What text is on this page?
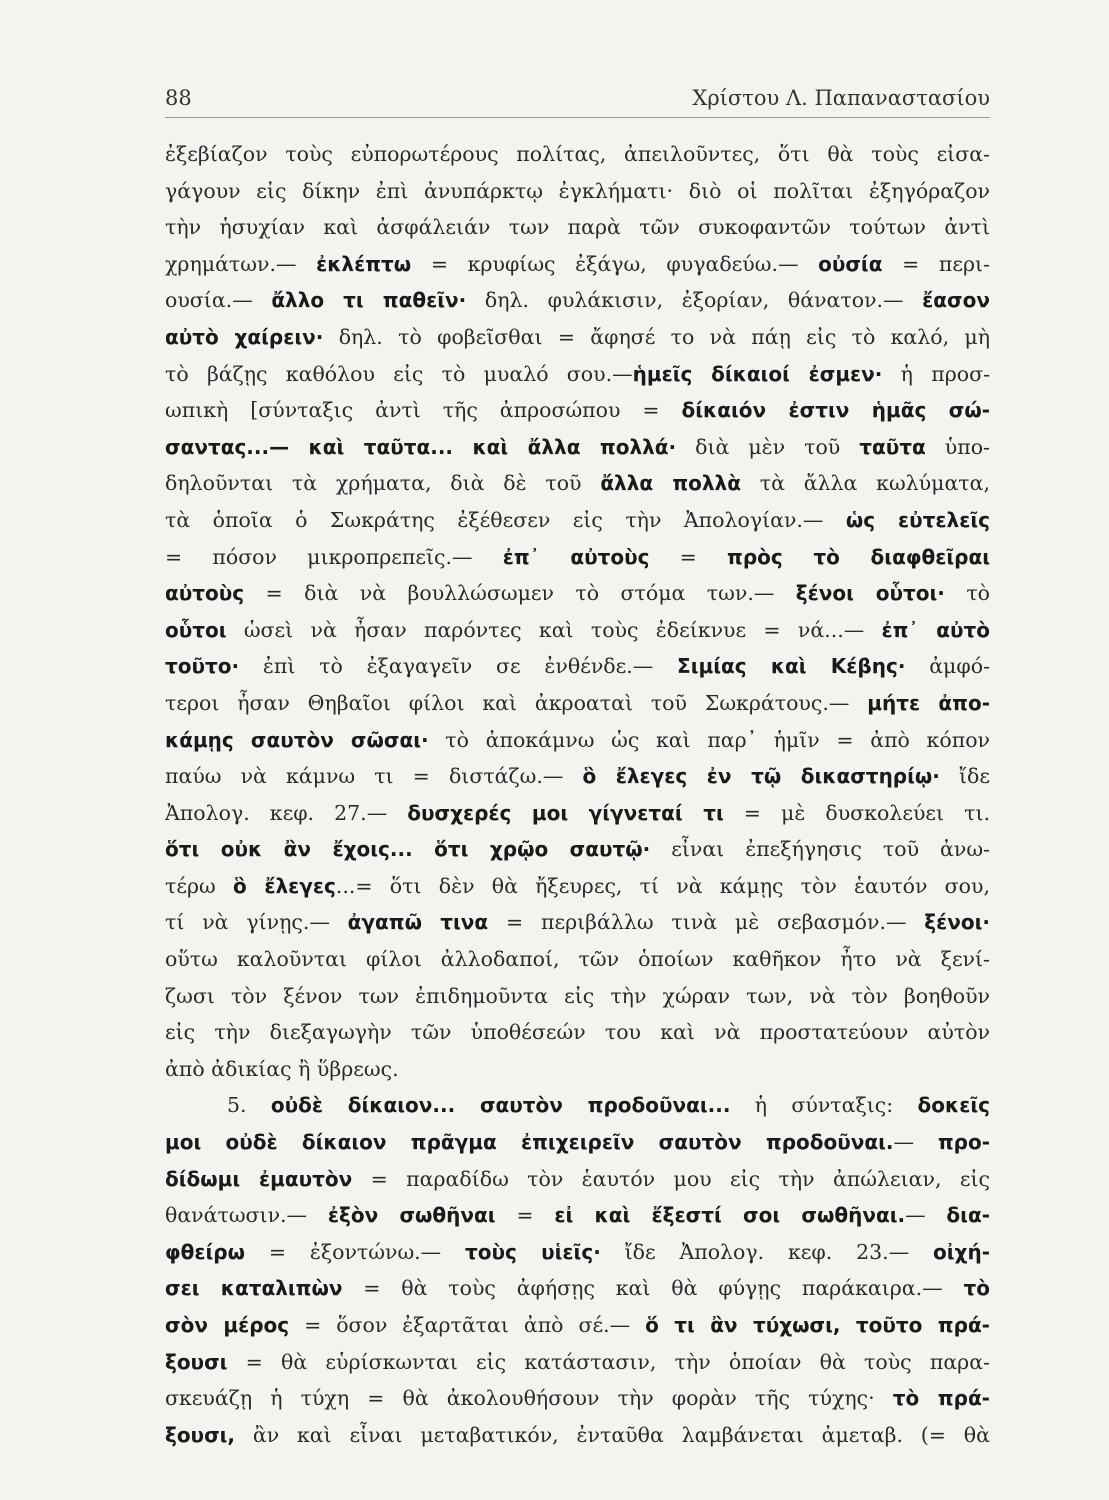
88	Χρίστου Λ. Παπαναστασίου
ἐξεβίαζον τοὺς εὐπορωτέρους πολίτας, ἀπειλοῦντες, ὅτι θὰ τοὺς εἰσα-
γάγουν εἰς δίκην ἐπὶ ἀνυπάρκτῳ ἐγκλήματι· διὸ οἱ πολῖται ἐξηγόραζον
τὴν ἡσυχίαν καὶ ἀσφάλειάν των παρὰ τῶν συκοφαντῶν τούτων ἀντὶ
χρημάτων.— ἐκλέπτω = κρυφίως ἐξάγω, φυγαδεύω.— οὐσία = περι-
ουσία.— ἄλλο τι παθεῖν· δηλ. φυλάκισιν, ἐξορίαν, θάνατον.— ἔασον
αὐτὸ χαίρειν· δηλ. τὸ φοβεῖσθαι = ἄφησέ το νὰ πάῃ εἰς τὸ καλό, μὴ
τὸ βάζῃς καθόλου εἰς τὸ μυαλό σου.—ἡμεῖς δίκαιοί ἐσμεν· ἡ προσ-
ωπικὴ [σύνταξις ἀντὶ τῆς ἀπροσώπου = δίκαιόν ἐστιν ἡμᾶς σώ-
σαντας...— καὶ ταῦτα... καὶ ἄλλα πολλά· διὰ μὲν τοῦ ταῦτα ὑπο-
δηλοῦνται τὰ χρήματα, διὰ δὲ τοῦ ἄλλα πολλὰ τὰ ἄλλα κωλύματα,
τὰ ὁποῖα ὁ Σωκράτης ἐξέθεσεν εἰς τὴν Ἀπολογίαν.— ὡς εὐτελεῖς
= πόσον μικροπρεπεῖς.— ἐπ᾽ αὐτοὺς = πρὸς τὸ διαφθεῖραι
αὐτοὺς = διὰ νὰ βουλλώσωμεν τὸ στόμα των.— ξένοι οὗτοι· τὸ
οὗτοι ὡσεὶ νὰ ἦσαν παρόντες καὶ τοὺς ἐδείκνυε = νά...— ἐπ᾽ αὐτὸ
τοῦτο· ἐπὶ τὸ ἐξαγαγεῖν σε ἐνθένδε.— Σιμίας καὶ Κέβης· ἀμφό-
τεροι ἦσαν Θηβαῖοι φίλοι καὶ ἀκροαταὶ τοῦ Σωκράτους.— μήτε ἀπο-
κάμῃς σαυτὸν σῶσαι· τὸ ἀποκάμνω ὡς καὶ παρ᾽ ἡμῖν = ἀπὸ κόπον
παύω νὰ κάμνω τι = διστάζω.— ὃ ἔλεγες ἐν τῷ δικαστηρίῳ· ἴδε
Ἀπολογ. κεφ. 27.— δυσχερές μοι γίγνεταί τι = μὲ δυσκολεύει τι.
ὅτι οὐκ ἂν ἔχοις... ὅτι χρῷο σαυτῷ· εἶναι ἐπεξήγησις τοῦ ἀνω-
τέρω ὃ ἔλεγες...= ὅτι δὲν θὰ ἤξευρες, τί νὰ κάμῃς τὸν ἑαυτόν σου,
τί νὰ γίνῃς.— ἀγαπῶ τινα = περιβάλλω τινὰ μὲ σεβασμόν.— ξένοι·
οὕτω καλοῦνται φίλοι ἀλλοδαποί, τῶν ὁποίων καθῆκον ἦτο νὰ ξενί-
ζωσι τὸν ξένον των ἐπιδημοῦντα εἰς τὴν χώραν των, νὰ τὸν βοηθοῦν
εἰς τὴν διεξαγωγὴν τῶν ὑποθέσεών του καὶ νὰ προστατεύουν αὐτὸν
ἀπὸ ἀδικίας ἢ ὕβρεως.
5. οὐδὲ δίκαιον... σαυτὸν προδοῦναι... ἡ σύνταξις: δοκεῖς
μοι οὐδὲ δίκαιον πρᾶγμα ἐπιχειρεῖν σαυτὸν προδοῦναι.— προ-
δίδωμι ἐμαυτὸν = παραδίδω τὸν ἑαυτόν μου εἰς τὴν ἀπώλειαν, εἰς
θανάτωσιν.— ἐξὸν σωθῆναι = εἰ καὶ ἔξεστί σοι σωθῆναι.— δια-
φθείρω = ἐξοντώνω.— τοὺς υἱεῖς· ἴδε Ἀπολογ. κεφ. 23.— οἰχή-
σει καταλιπὼν = θὰ τοὺς ἀφήσῃς καὶ θὰ φύγῃς παράκαιρα.— τὸ
σὸν μέρος = ὅσον ἐξαρτᾶται ἀπὸ σέ.— ὅ τι ἂν τύχωσι, τοῦτο πρά-
ξουσι = θὰ εὑρίσκωνται εἰς κατάστασιν, τὴν ὁποίαν θὰ τοὺς παρα-
σκευάζῃ ἡ τύχη = θὰ ἀκολουθήσουν τὴν φορὰν τῆς τύχης· τὸ πρά-
ξουσι, ἂν καὶ εἶναι μεταβατικόν, ἐνταῦθα λαμβάνεται ἀμεταβ. (= θὰ
